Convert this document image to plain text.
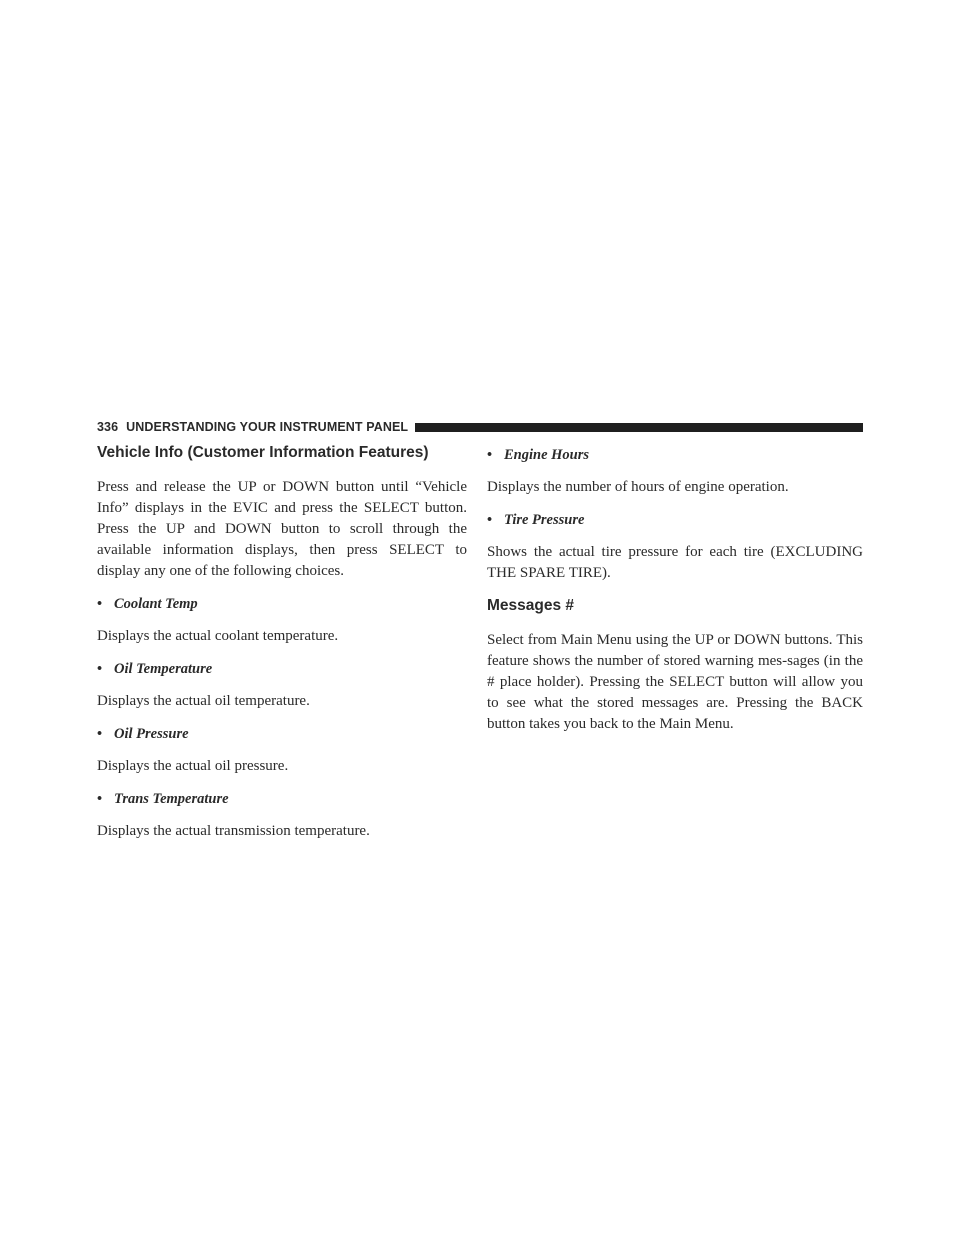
336 UNDERSTANDING YOUR INSTRUMENT PANEL
Vehicle Info (Customer Information Features)

Press and release the UP or DOWN button until “Vehicle Info” displays in the EVIC and press the SELECT button. Press the UP and DOWN button to scroll through the available information displays, then press SELECT to display any one of the following choices.

• Coolant Temp

Displays the actual coolant temperature.

• Oil Temperature

Displays the actual oil temperature.

• Oil Pressure

Displays the actual oil pressure.

• Trans Temperature

Displays the actual transmission temperature.

• Engine Hours

Displays the number of hours of engine operation.

• Tire Pressure

Shows the actual tire pressure for each tire (EXCLUDING THE SPARE TIRE).

Messages #

Select from Main Menu using the UP or DOWN buttons. This feature shows the number of stored warning mes-sages (in the # place holder). Pressing the SELECT button will allow you to see what the stored messages are. Pressing the BACK button takes you back to the Main Menu.
